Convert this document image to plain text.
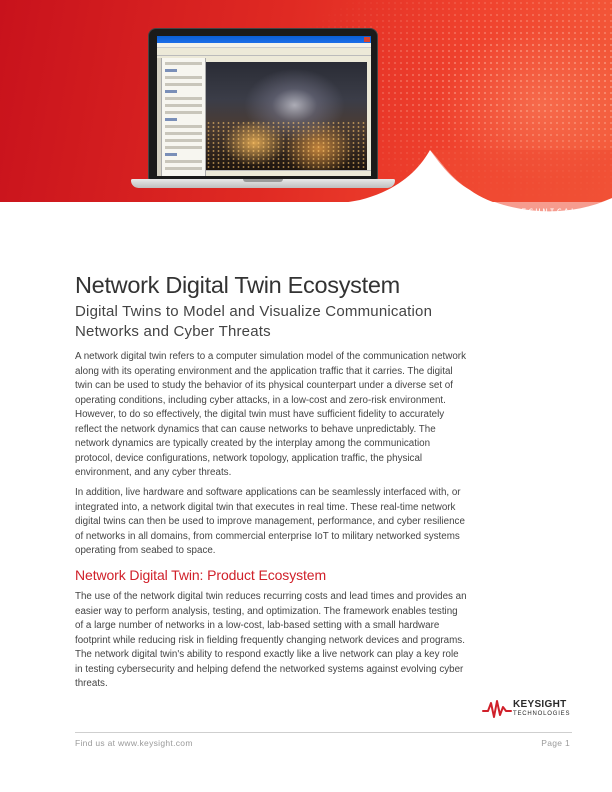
TECHNICAL
OVERVIEW
Network Digital Twin Ecosystem
Digital Twins to Model and Visualize Communication Networks and Cyber Threats

A network digital twin refers to a computer simulation model of the communication network along with its operating environment and the application traffic that it carries. The digital twin can be used to study the behavior of its physical counterpart under a diverse set of operating conditions, including cyber attacks, in a low-cost and zero-risk environment. However, to do so effectively, the digital twin must have sufficient fidelity to accurately reflect the network dynamics that can cause networks to behave unpredictably. The network dynamics are typically created by the interplay among the communication protocol, device configurations, network topology, application traffic, the physical environment, and any cyber threats.

In addition, live hardware and software applications can be seamlessly interfaced with, or integrated into, a network digital twin that executes in real time. These real-time network digital twins can then be used to improve management, performance, and cyber resilience of networks in all domains, from commercial enterprise IoT to military networked systems operating from seabed to space.

Network Digital Twin: Product Ecosystem

The use of the network digital twin reduces recurring costs and lead times and provides an easier way to perform analysis, testing, and optimization. The framework enables testing of a large number of networks in a low-cost, lab-based setting with a small hardware footprint while reducing risk in fielding frequently changing network devices and programs. The network digital twin's ability to respond exactly like a live network can play a key role in testing cybersecurity and helping defend the networked systems against evolving cyber threats.

KEYSIGHT
TECHNOLOGIES
Find us at www.keysight.com	Page 1
